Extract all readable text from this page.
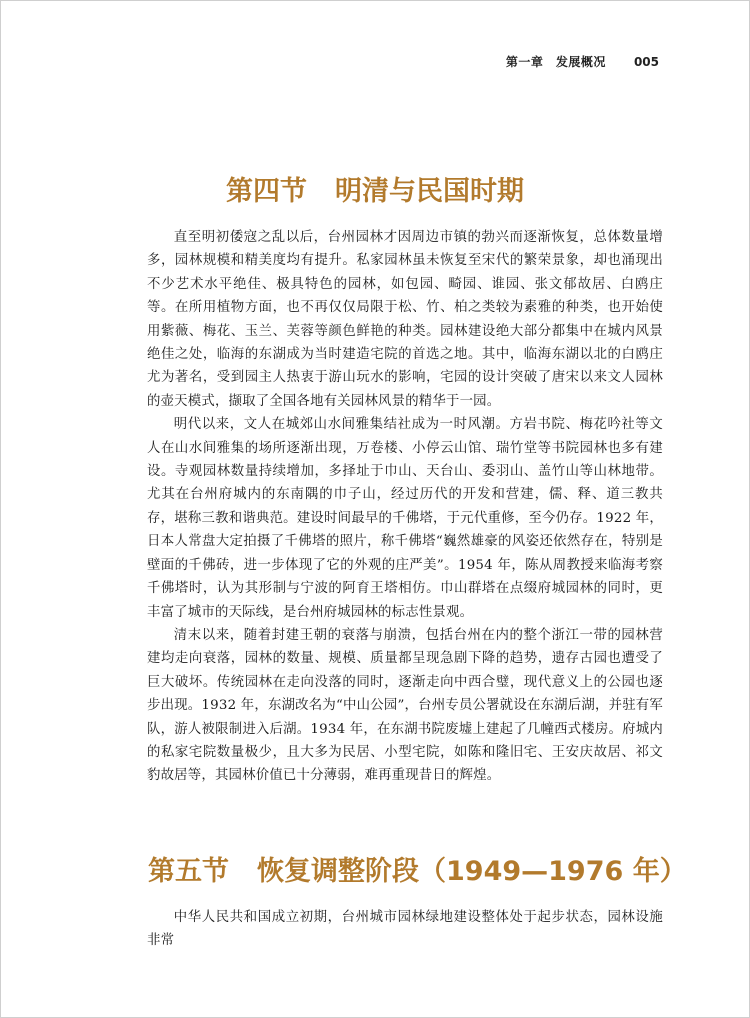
第一章　发展概况 005
第四节 明清与民国时期

直至明初倭寇之乱以后，台州园林才因周边市镇的勃兴而逐渐恢复，总体数量增多，园林规模和精美度均有提升。私家园林虽未恢复至宋代的繁荣景象，却也涌现出不少艺术水平绝佳、极具特色的园林，如包园、畸园、谁园、张文郁故居、白鸥庄等。在所用植物方面，也不再仅仅局限于松、竹、柏之类较为素雅的种类，也开始使用紫薇、梅花、玉兰、芙蓉等颜色鲜艳的种类。园林建设绝大部分都集中在城内风景绝佳之处，临海的东湖成为当时建造宅院的首选之地。其中，临海东湖以北的白鸥庄尤为著名，受到园主人热衷于游山玩水的影响，宅园的设计突破了唐宋以来文人园林的壶天模式，撷取了全国各地有关园林风景的精华于一园。

明代以来，文人在城郊山水间雅集结社成为一时风潮。方岩书院、梅花吟社等文人在山水间雅集的场所逐渐出现，万卷楼、小停云山馆、瑞竹堂等书院园林也多有建设。寺观园林数量持续增加，多择址于巾山、天台山、委羽山、盖竹山等山林地带。尤其在台州府城内的东南隅的巾子山，经过历代的开发和营建，儒、释、道三教共存，堪称三教和谐典范。建设时间最早的千佛塔，于元代重修，至今仍存。1922 年，日本人常盘大定拍摄了千佛塔的照片，称千佛塔“巍然雄豪的风姿还依然存在，特别是壁面的千佛砖，进一步体现了它的外观的庄严美”。1954 年，陈从周教授来临海考察千佛塔时，认为其形制与宁波的阿育王塔相仿。巾山群塔在点缀府城园林的同时，更丰富了城市的天际线，是台州府城园林的标志性景观。

清末以来，随着封建王朝的衰落与崩溃，包括台州在内的整个浙江一带的园林营建均走向衰落，园林的数量、规模、质量都呈现急剧下降的趋势，遗存古园也遭受了巨大破坏。传统园林在走向没落的同时，逐渐走向中西合璧，现代意义上的公园也逐步出现。1932 年，东湖改名为“中山公园”，台州专员公署就设在东湖后湖，并驻有军队，游人被限制进入后湖。1934 年，在东湖书院废墟上建起了几幢西式楼房。府城内的私家宅院数量极少，且大多为民居、小型宅院，如陈和隆旧宅、王安庆故居、祁文豹故居等，其园林价值已十分薄弱，难再重现昔日的辉煌。

第五节 恢复调整阶段（1949—1976 年）

中华人民共和国成立初期，台州城市园林绿地建设整体处于起步状态，园林设施非常
